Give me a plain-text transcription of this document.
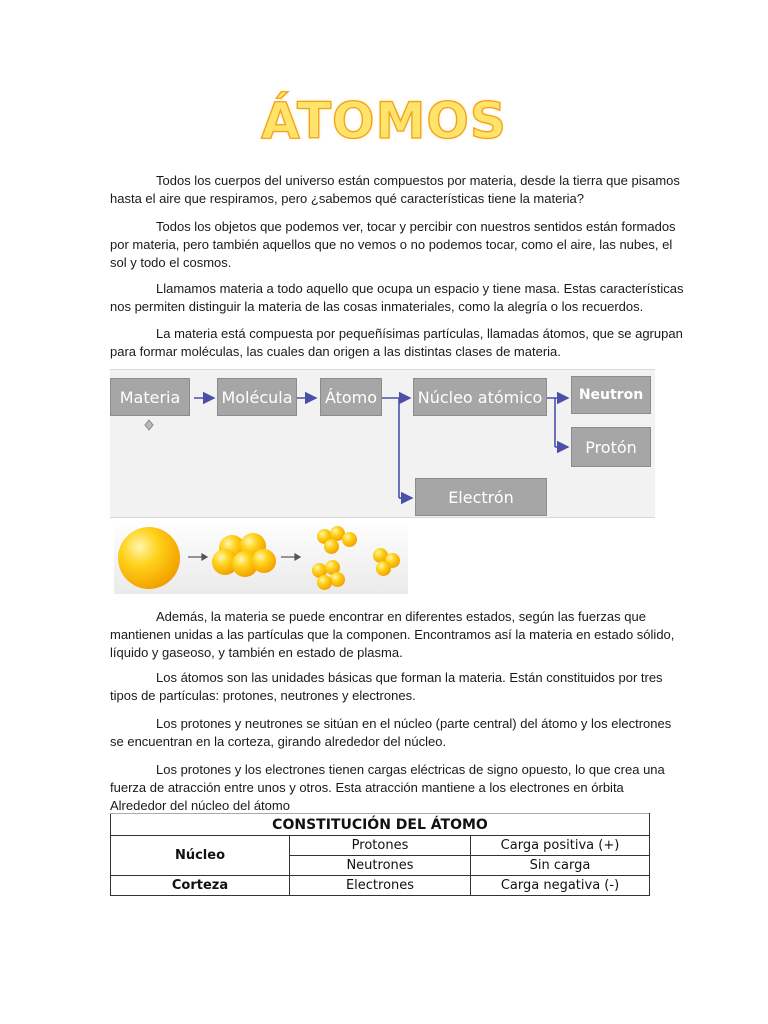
ÁTOMOS

Todos los cuerpos del universo están compuestos por materia, desde la tierra que pisamos
hasta el aire que respiramos, pero ¿sabemos qué características tiene la materia?

Todos los objetos que podemos ver, tocar y percibir con nuestros sentidos están formados
por materia, pero también aquellos que no vemos o no podemos tocar, como el aire, las nubes, el
sol y todo el cosmos.

Llamamos materia a todo aquello que ocupa un espacio y tiene masa. Estas características
nos permiten distinguir la materia de las cosas inmateriales, como la alegría o los recuerdos.

La materia está compuesta por pequeñísimas partículas, llamadas átomos, que se agrupan
para formar moléculas, las cuales dan origen a las distintas clases de materia.

Materia	Molécula	Átomo	Núcleo atómico	Neutron
Protón
Electrón

Además, la materia se puede encontrar en diferentes estados, según las fuerzas que
mantienen unidas a las partículas que la componen. Encontramos así la materia en estado sólido,
líquido y gaseoso, y también en estado de plasma.

Los átomos son las unidades básicas que forman la materia. Están constituidos por tres
tipos de partículas: protones, neutrones y electrones.

Los protones y neutrones se sitúan en el núcleo (parte central) del átomo y los electrones
se encuentran en la corteza, girando alrededor del núcleo.

Los protones y los electrones tienen cargas eléctricas de signo opuesto, lo que crea una
fuerza de atracción entre unos y otros. Esta atracción mantiene a los electrones en órbita
Alrededor del núcleo del átomo

CONSTITUCIÓN DEL ÁTOMO		
Núcleo	Protones	Carga positiva (+)
	Neutrones	Sin carga
Corteza	Electrones	Carga negativa (-)
